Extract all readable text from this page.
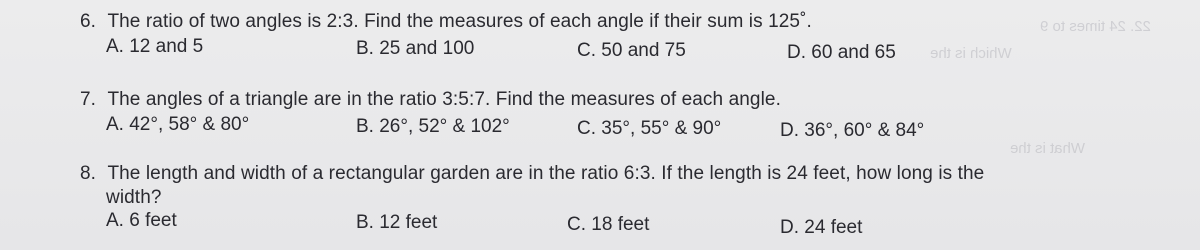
22. 24 times to 9
Which is the
What is the
6. The ratio of two angles is 2:3. Find the measures of each angle if their sum is 125˚.
A. 12 and 5	B. 25 and 100	C. 50 and 75	D. 60 and 65
7. The angles of a triangle are in the ratio 3:5:7. Find the measures of each angle.
A. 42°, 58° & 80°	B. 26°, 52° & 102°	C. 35°, 55° & 90°	D. 36°, 60° & 84°
8. The length and width of a rectangular garden are in the ratio 6:3. If the length is 24 feet, how long is the
width?
A. 6 feet	B. 12 feet	C. 18 feet	D. 24 feet
